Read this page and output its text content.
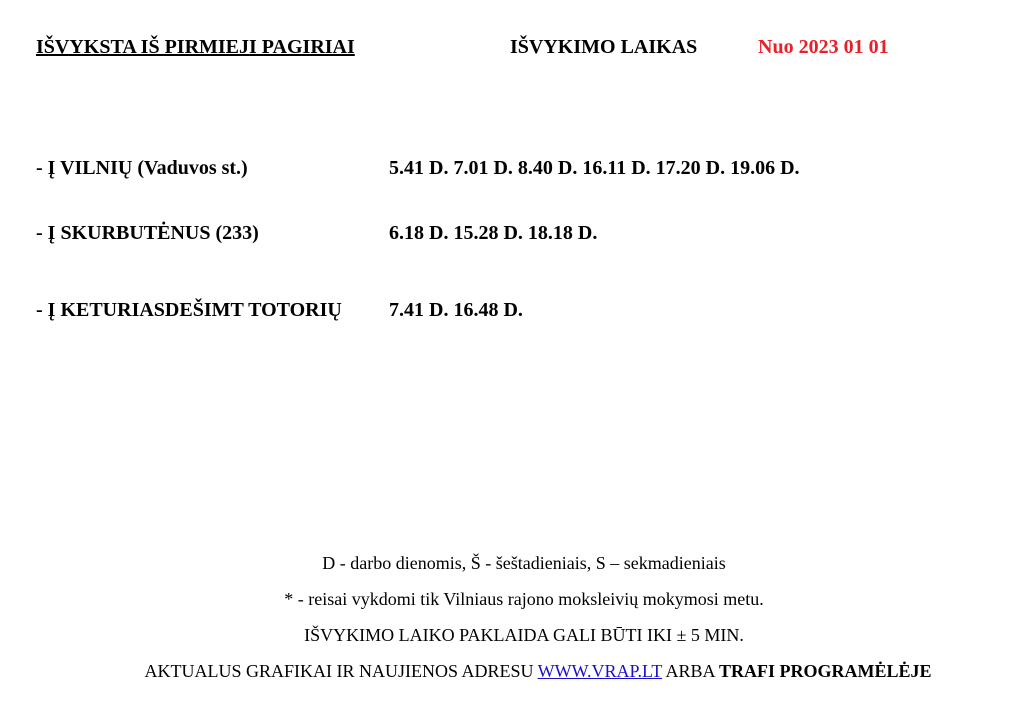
IŠVYKSTA IŠ PIRMIEJI PAGIRIAI	IŠVYKIMO LAIKAS	Nuo 2023 01 01
- Į VILNIŲ (Vaduvos st.)	5.41 D. 7.01 D. 8.40 D. 16.11 D. 17.20 D. 19.06 D.
- Į SKURBUTĖNUS (233)	6.18 D. 15.28 D. 18.18 D.
- Į KETURIASDEŠIMT TOTORIŲ 7.41 D. 16.48 D.
D - darbo dienomis, Š - šeštadieniais, S – sekmadieniais
* - reisai vykdomi tik Vilniaus rajono moksleivių mokymosi metu.
IŠVYKIMO LAIKO PAKLAIDA GALI BŪTI IKI ± 5 MIN.
AKTUALUS GRAFIKAI IR NAUJIENOS ADRESU WWW.VRAP.LT ARBA TRAFI PROGRAMĖLĖJE
